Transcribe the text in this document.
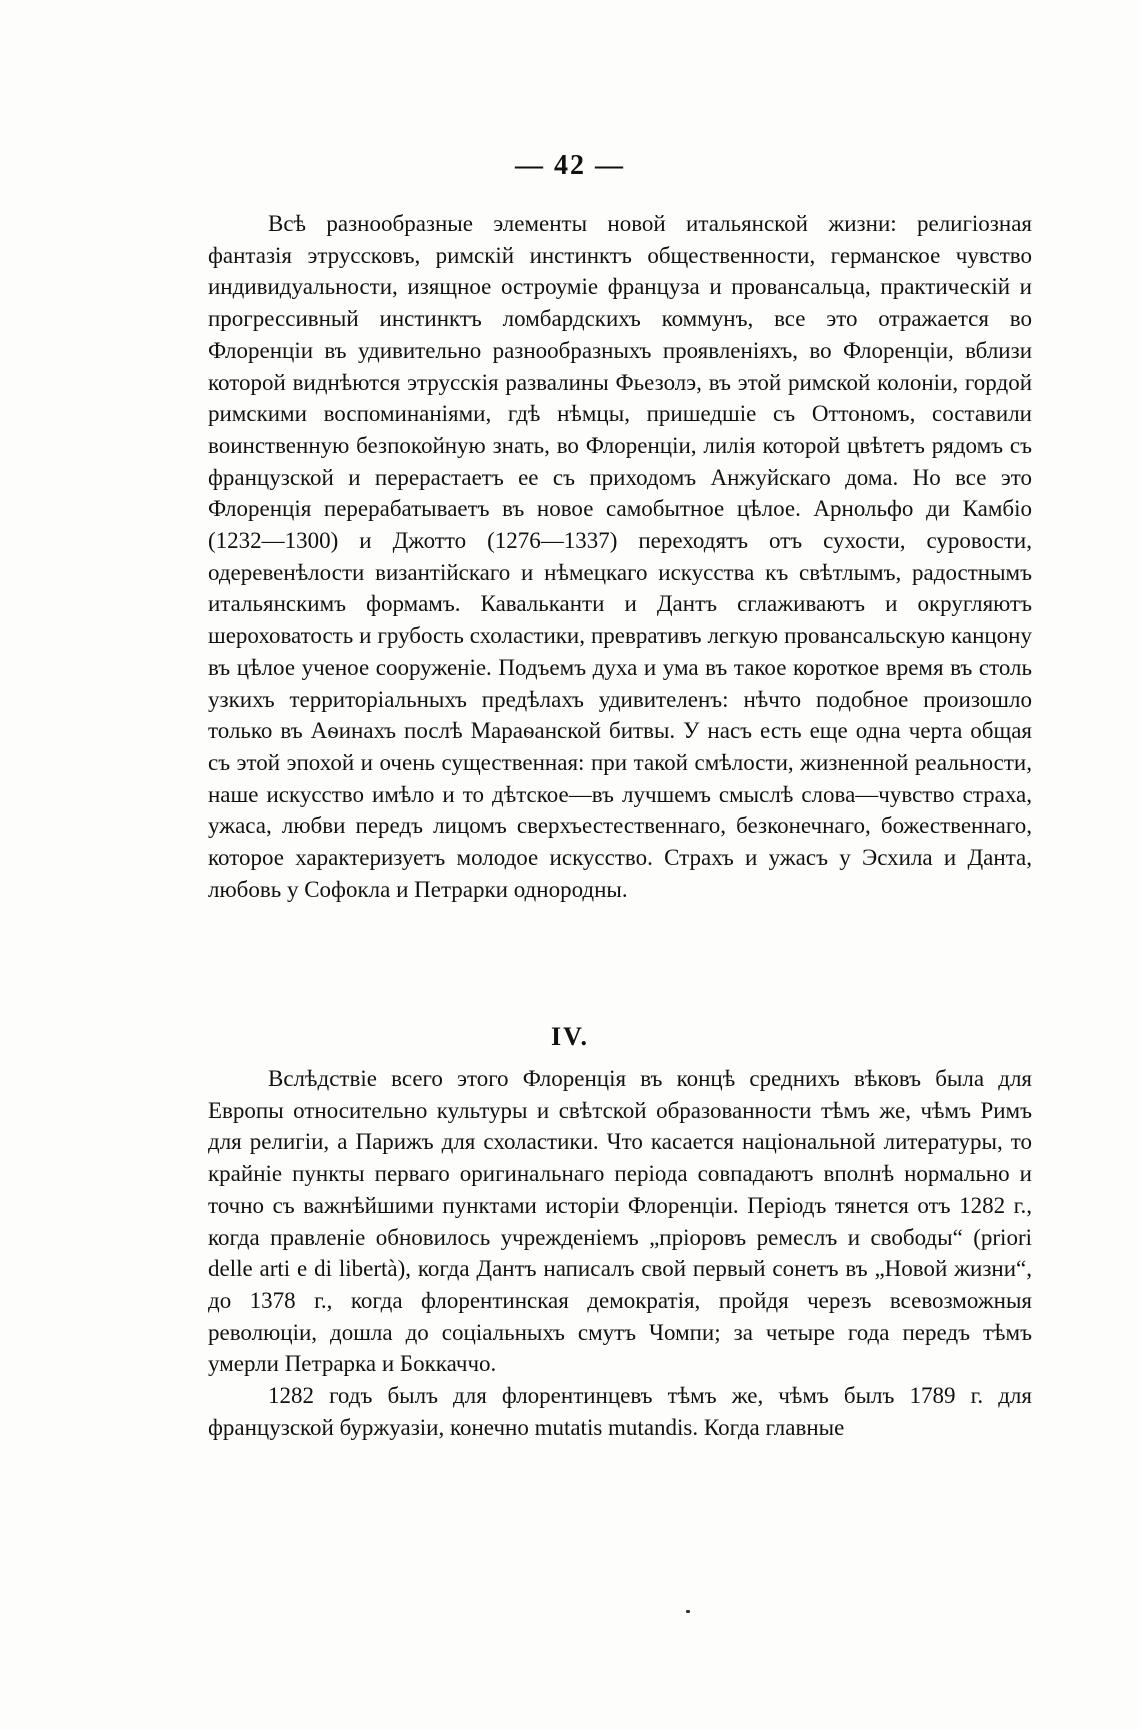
— 42 —

Всѣ разнообразные элементы новой итальянской жизни: религіозная фантазія этруссковъ, римскій инстинктъ общественности, германское чувство индивидуальности, изящное остроуміе француза и провансальца, практическій и прогрессивный инстинктъ ломбардскихъ коммунъ, все это отражается во Флоренціи въ удивительно разнообразныхъ проявленіяхъ, во Флоренціи, вблизи которой виднѣются этрусскія развалины Фьезолэ, въ этой римской колоніи, гордой римскими воспоминаніями, гдѣ нѣмцы, пришедшіе съ Оттономъ, составили воинственную безпокойную знать, во Флоренціи, лилія которой цвѣтетъ рядомъ съ французской и перерастаетъ ее съ приходомъ Анжуйскаго дома. Но все это Флоренція перерабатываетъ въ новое самобытное цѣлое. Арнольфо ди Камбіо (1232—1300) и Джотто (1276—1337) переходятъ отъ сухости, суровости, одеревенѣлости византійскаго и нѣмецкаго искусства къ свѣтлымъ, радостнымъ итальянскимъ формамъ. Кавальканти и Дантъ сглаживаютъ и округляютъ шероховатость и грубость схоластики, превративъ легкую провансальскую канцону въ цѣлое ученое сооруженіе. Подъемъ духа и ума въ такое короткое время въ столь узкихъ территоріальныхъ предѣлахъ удивителенъ: нѣчто подобное произошло только въ Аѳинахъ послѣ Мараѳанской битвы. У насъ есть еще одна черта общая съ этой эпохой и очень существенная: при такой смѣлости, жизненной реальности, наше искусство имѣло и то дѣтское—въ лучшемъ смыслѣ слова—чувство страха, ужаса, любви передъ лицомъ сверхъестественнаго, безконечнаго, божественнаго, которое характеризуетъ молодое искусство. Страхъ и ужасъ у Эсхила и Данта, любовь у Софокла и Петрарки однородны.

IV.

Вслѣдствіе всего этого Флоренція въ концѣ среднихъ вѣковъ была для Европы относительно культуры и свѣтской образованности тѣмъ же, чѣмъ Римъ для религіи, а Парижъ для схоластики. Что касается національной литературы, то крайніе пункты перваго оригинальнаго періода совпадаютъ вполнѣ нормально и точно съ важнѣйшими пунктами исторіи Флоренціи. Періодъ тянется отъ 1282 г., когда правленіе обновилось учрежденіемъ „пріоровъ ремеслъ и свободы“ (priori delle arti e di libertà), когда Дантъ написалъ свой первый сонетъ въ „Новой жизни“, до 1378 г., когда флорентинская демократія, пройдя черезъ всевозможныя революціи, дошла до соціальныхъ смутъ Чомпи; за четыре года передъ тѣмъ умерли Петрарка и Боккаччо.

1282 годъ былъ для флорентинцевъ тѣмъ же, чѣмъ былъ 1789 г. для французской буржуазіи, конечно mutatis mutandis. Когда главные
